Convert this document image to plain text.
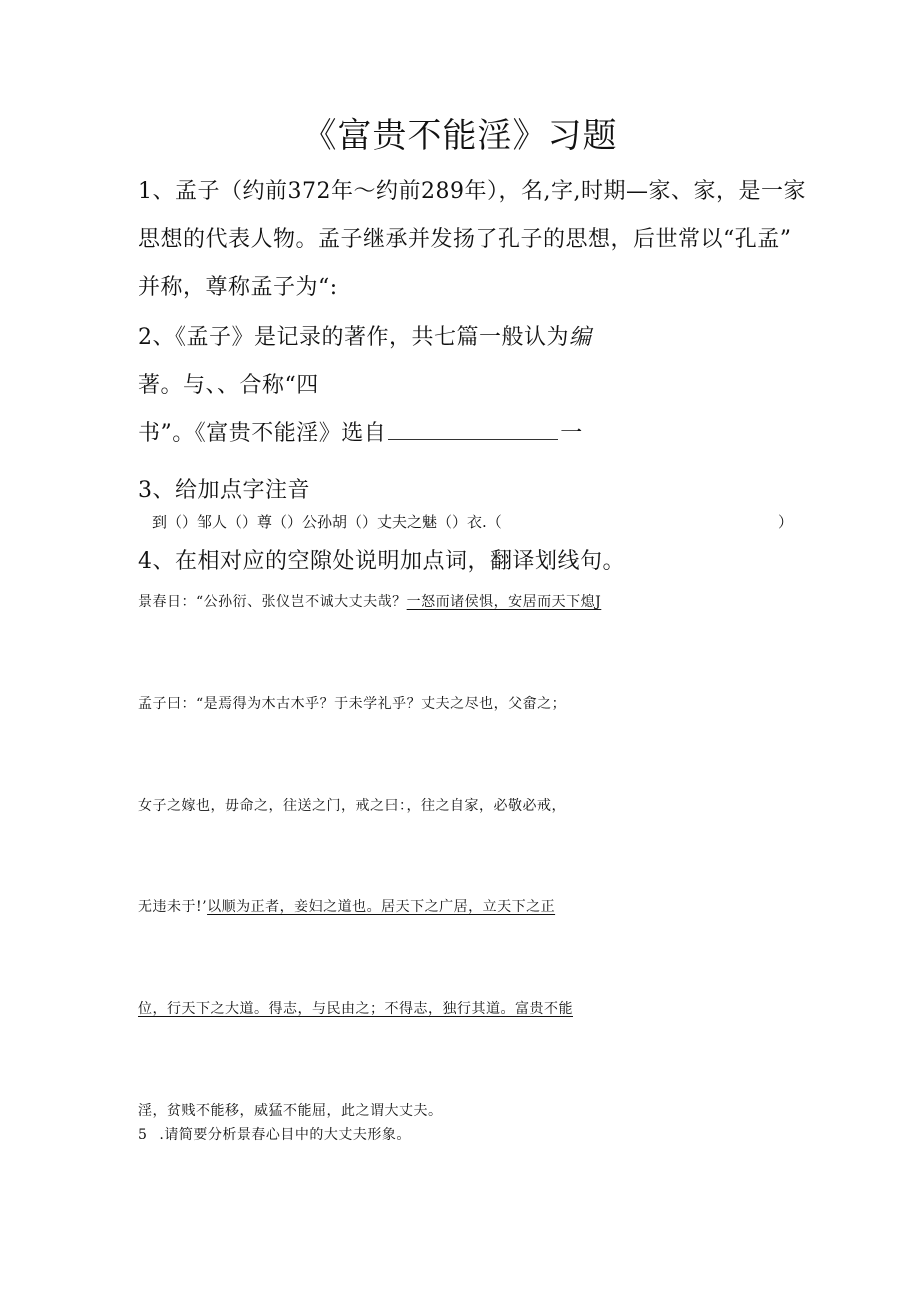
《富贵不能淫》习题
1、孟子（约前372年～约前289年），名,字,时期—家、家，是一家
思想的代表人物。孟子继承并发扬了孔子的思想，后世常以“孔孟”
并称，尊称孟子为“:
2、《孟子》是记录的著作，共七篇一般认为编
著。与、、合称“四
书”。《富贵不能淫》选自	一
3、给加点字注音
到（）邹人（）尊（）公孙胡（）丈夫之魅（）衣.（	）
4、在相对应的空隙处说明加点词，翻译划线句。
景春日：“公孙衍、张仪岂不诚大丈夫哉？一怒而诸侯惧，安居而天下熄J
孟子曰：“是焉得为木古木乎？于未学礼乎？丈夫之尽也，父畲之；
女子之嫁也，毋命之，往送之门，戒之曰：，往之自家，必敬必戒，
无违未于!’以顺为正者，妾妇之道也。居天下之广居，立天下之正
位，行天下之大道。得志，与民由之；不得志，独行其道。富贵不能
淫，贫贱不能移，威猛不能屈，此之谓大丈夫。
5 .请简要分析景春心目中的大丈夫形象。
